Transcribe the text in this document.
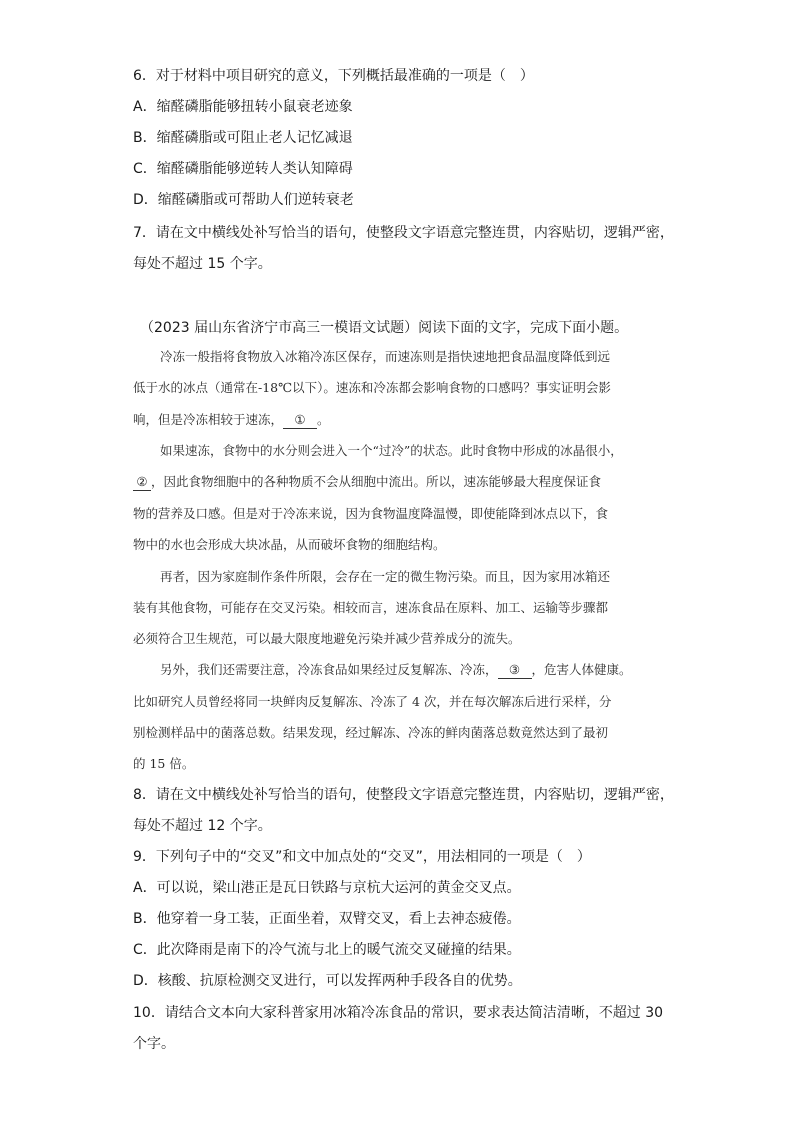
6．对于材料中项目研究的意义，下列概括最准确的一项是（　）
A．缩醛磷脂能够扭转小鼠衰老迹象
B．缩醛磷脂或可阻止老人记忆减退
C．缩醛磷脂能够逆转人类认知障碍
D．缩醛磷脂或可帮助人们逆转衰老
7．请在文中横线处补写恰当的语句，使整段文字语意完整连贯，内容贴切，逻辑严密，
每处不超过 15 个字。
（2023 届山东省济宁市高三一模语文试题）阅读下面的文字，完成下面小题。
冷冻一般指将食物放入冰箱冷冻区保存，而速冻则是指快速地把食品温度降低到远
低于水的冰点（通常在-18℃以下）。速冻和冷冻都会影响食物的口感吗？事实证明会影
响，但是冷冻相较于速冻， ① 。
如果速冻，食物中的水分则会进入一个“过冷”的状态。此时食物中形成的冰晶很小，
② ，因此食物细胞中的各种物质不会从细胞中流出。所以，速冻能够最大程度保证食
物的营养及口感。但是对于冷冻来说，因为食物温度降温慢，即使能降到冰点以下，食
物中的水也会形成大块冰晶，从而破坏食物的细胞结构。
再者，因为家庭制作条件所限，会存在一定的微生物污染。而且，因为家用冰箱还
装有其他食物，可能存在交叉污染。相较而言，速冻食品在原料、加工、运输等步骤都
必须符合卫生规范，可以最大限度地避免污染并减少营养成分的流失。
另外，我们还需要注意，冷冻食品如果经过反复解冻、冷冻， ③ ，危害人体健康。
比如研究人员曾经将同一块鲜肉反复解冻、冷冻了 4 次，并在每次解冻后进行采样，分
别检测样品中的菌落总数。结果发现，经过解冻、冷冻的鲜肉菌落总数竟然达到了最初
的 15 倍。
8．请在文中横线处补写恰当的语句，使整段文字语意完整连贯，内容贴切，逻辑严密，
每处不超过 12 个字。
9．下列句子中的“交叉”和文中加点处的“交叉”，用法相同的一项是（　）
A．可以说，梁山港正是瓦日铁路与京杭大运河的黄金交叉点。
B．他穿着一身工装，正面坐着，双臂交叉，看上去神态疲倦。
C．此次降雨是南下的冷气流与北上的暖气流交叉碰撞的结果。
D．核酸、抗原检测交叉进行，可以发挥两种手段各自的优势。
10．请结合文本向大家科普家用冰箱冷冻食品的常识，要求表达简洁清晰，不超过 30
个字。
